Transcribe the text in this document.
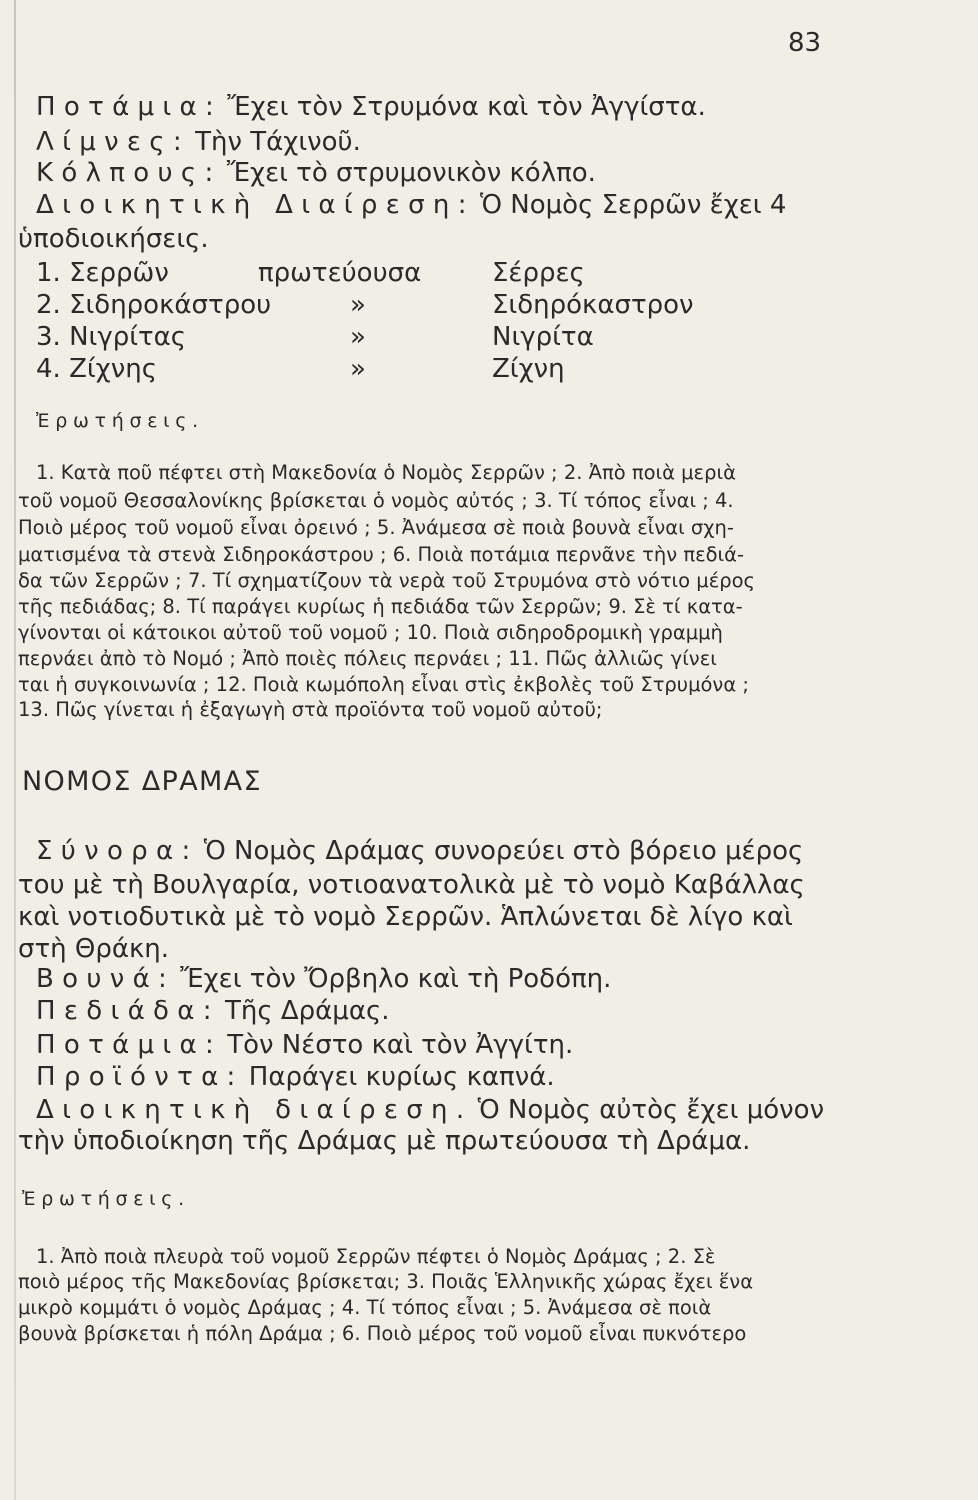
83
Ποτάμια: Ἔχει τὸν Στρυμόνα καὶ τὸν Ἀγγίστα.
Λίμνες: Τὴν Τάχινοῦ.
Κόλπους: Ἔχει τὸ στρυμονικὸν κόλπο.
Διοικητικὴ Διαίρεση: Ὁ Νομὸς Σερρῶν ἔχει 4
ὑποδιοικήσεις.
1. Σερρῶν	πρωτεύουσα	Σέρρες
2. Σιδηροκάστρου	»	Σιδηρόκαστρον
3. Νιγρίτας	»	Νιγρίτα
4. Ζίχνης	»	Ζίχνη
Ἐρωτήσεις.
1. Κατὰ ποῦ πέφτει στὴ Μακεδονία ὁ Νομὸς Σερρῶν ; 2. Ἀπὸ ποιὰ μεριὰ
τοῦ νομοῦ Θεσσαλονίκης βρίσκεται ὁ νομὸς αὐτός ; 3. Τί τόπος εἶναι ; 4.
Ποιὸ μέρος τοῦ νομοῦ εἶναι ὀρεινό ; 5. Ἀνάμεσα σὲ ποιὰ βουνὰ εἶναι σχη-
ματισμένα τὰ στενὰ Σιδηροκάστρου ; 6. Ποιὰ ποτάμια περνᾶνε τὴν πεδιά-
δα τῶν Σερρῶν ; 7. Τί σχηματίζουν τὰ νερὰ τοῦ Στρυμόνα στὸ νότιο μέρος
τῆς πεδιάδας; 8. Τί παράγει κυρίως ἡ πεδιάδα τῶν Σερρῶν; 9. Σὲ τί κατα-
γίνονται οἱ κάτοικοι αὐτοῦ τοῦ νομοῦ ; 10. Ποιὰ σιδηροδρομικὴ γραμμὴ
περνάει ἀπὸ τὸ Νομό ; Ἀπὸ ποιὲς πόλεις περνάει ; 11. Πῶς ἀλλιῶς γίνει
ται ἡ συγκοινωνία ; 12. Ποιὰ κωμόπολη εἶναι στὶς ἐκβολὲς τοῦ Στρυμόνα ;
13. Πῶς γίνεται ἡ ἐξαγωγὴ στὰ προϊόντα τοῦ νομοῦ αὐτοῦ;
ΝΟΜΟΣ ΔΡΑΜΑΣ
Σύνορα: Ὁ Νομὸς Δράμας συνορεύει στὸ βόρειο μέρος
του μὲ τὴ Βουλγαρία, νοτιοανατολικὰ μὲ τὸ νομὸ Καβάλλας
καὶ νοτιοδυτικὰ μὲ τὸ νομὸ Σερρῶν. Ἁπλώνεται δὲ λίγο καὶ
στὴ Θράκη.
Βουνά: Ἔχει τὸν Ὄρβηλο καὶ τὴ Ροδόπη.
Πεδιάδα: Τῆς Δράμας.
Ποτάμια: Τὸν Νέστο καὶ τὸν Ἀγγίτη.
Προϊόντα: Παράγει κυρίως καπνά.
Διοικητικὴ διαίρεση. Ὁ Νομὸς αὐτὸς ἔχει μόνον
τὴν ὑποδιοίκηση τῆς Δράμας μὲ πρωτεύουσα τὴ Δράμα.
Ἐρωτήσεις.
1. Ἀπὸ ποιὰ πλευρὰ τοῦ νομοῦ Σερρῶν πέφτει ὁ Νομὸς Δράμας ; 2. Σὲ
ποιὸ μέρος τῆς Μακεδονίας βρίσκεται; 3. Ποιᾶς Ἑλληνικῆς χώρας ἔχει ἕνα
μικρὸ κομμάτι ὁ νομὸς Δράμας ; 4. Τί τόπος εἶναι ; 5. Ἀνάμεσα σὲ ποιὰ
βουνὰ βρίσκεται ἡ πόλη Δράμα ; 6. Ποιὸ μέρος τοῦ νομοῦ εἶναι πυκνότερο
